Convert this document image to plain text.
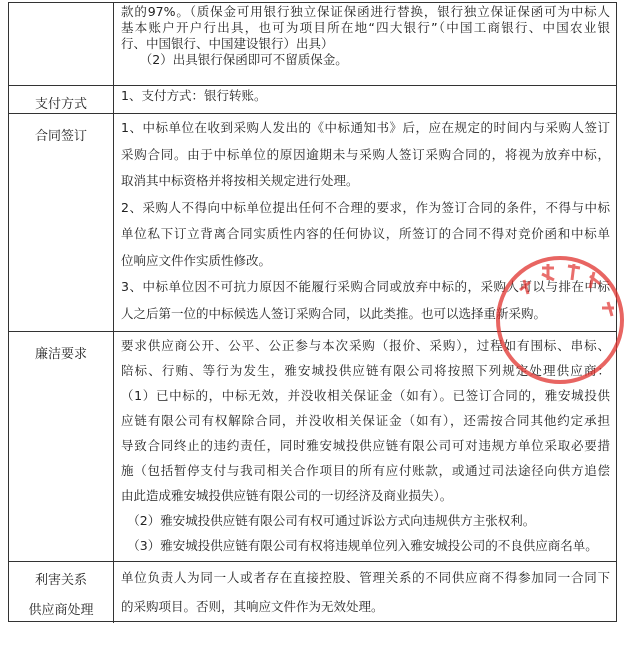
款的97%。（质保金可用银行独立保证保函进行替换，银行独立保证保函可为中标人
基本账户开户行出具，也可为项目所在地“四大银行”（中国工商银行、中国农业银
行、中国银行、中国建设银行）出具）
　　（2）出具银行保函即可不留质保金。
支付方式
1、支付方式：银行转账。
合同签订
1、中标单位在收到采购人发出的《中标通知书》后，应在规定的时间内与采购人签订
采购合同。由于中标单位的原因逾期未与采购人签订采购合同的，将视为放弃中标，
取消其中标资格并将按相关规定进行处理。
2、采购人不得向中标单位提出任何不合理的要求，作为签订合同的条件，不得与中标
单位私下订立背离合同实质性内容的任何协议，所签订的合同不得对竞价函和中标单
位响应文件作实质性修改。
3、中标单位因不可抗力原因不能履行采购合同或放弃中标的，采购人可以与排在中标
人之后第一位的中标候选人签订采购合同，以此类推。也可以选择重新采购。
廉洁要求
要求供应商公开、公平、公正参与本次采购（报价、采购），过程如有围标、串标、
陪标、行贿、等行为发生，雅安城投供应链有限公司将按照下列规定处理供应商：
（1）已中标的，中标无效，并没收相关保证金（如有）。已签订合同的，雅安城投供
应链有限公司有权解除合同，并没收相关保证金（如有），还需按合同其他约定承担
导致合同终止的违约责任，同时雅安城投供应链有限公司可对违规方单位采取必要措
施（包括暂停支付与我司相关合作项目的所有应付账款，或通过司法途径向供方追偿
由此造成雅安城投供应链有限公司的一切经济及商业损失）。
　（2）雅安城投供应链有限公司有权可通过诉讼方式向违规供方主张权利。
　（3）雅安城投供应链有限公司有权将违规单位列入雅安城投公司的不良供应商名单。
利害关系
供应商处理
单位负责人为同一人或者存在直接控股、管理关系的不同供应商不得参加同一合同下
的采购项目。否则，其响应文件作为无效处理。
